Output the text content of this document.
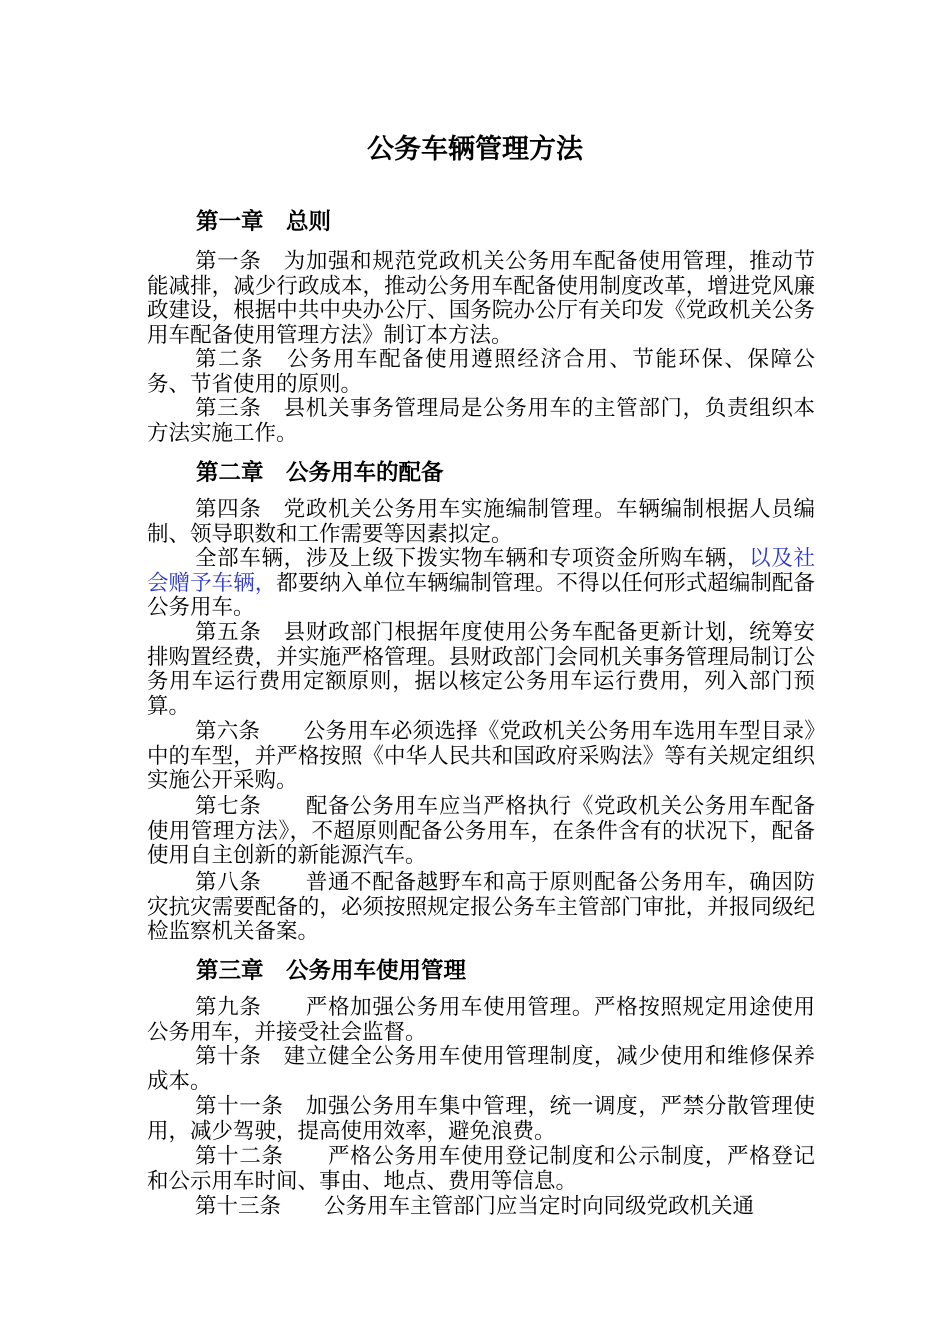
公务车辆管理方法
第一章　总则

第一条　为加强和规范党政机关公务用车配备使用管理，推动节能减排，减少行政成本，推动公务用车配备使用制度改革，增进党风廉政建设，根据中共中央办公厅、国务院办公厅有关印发《党政机关公务用车配备使用管理方法》制订本方法。

第二条　公务用车配备使用遵照经济合用、节能环保、保障公务、节省使用的原则。

第三条　县机关事务管理局是公务用车的主管部门，负责组织本方法实施工作。

第二章　公务用车的配备

第四条　党政机关公务用车实施编制管理。车辆编制根据人员编制、领导职数和工作需要等因素拟定。

全部车辆，涉及上级下拨实物车辆和专项资金所购车辆，以及社会赠予车辆，都要纳入单位车辆编制管理。不得以任何形式超编制配备公务用车。

第五条　县财政部门根据年度使用公务车配备更新计划，统筹安排购置经费，并实施严格管理。县财政部门会同机关事务管理局制订公务用车运行费用定额原则，据以核定公务用车运行费用，列入部门预算。

第六条　　公务用车必须选择《党政机关公务用车选用车型目录》中的车型，并严格按照《中华人民共和国政府采购法》等有关规定组织实施公开采购。

第七条　　配备公务用车应当严格执行《党政机关公务用车配备使用管理方法》，不超原则配备公务用车，在条件含有的状况下，配备使用自主创新的新能源汽车。

第八条　　普通不配备越野车和高于原则配备公务用车，确因防灾抗灾需要配备的，必须按照规定报公务车主管部门审批，并报同级纪检监察机关备案。

第三章　公务用车使用管理

第九条　　严格加强公务用车使用管理。严格按照规定用途使用公务用车，并接受社会监督。

第十条　建立健全公务用车使用管理制度，减少使用和维修保养成本。

第十一条　加强公务用车集中管理，统一调度，严禁分散管理使用，减少驾驶，提高使用效率，避免浪费。

第十二条　　严格公务用车使用登记制度和公示制度，严格登记和公示用车时间、事由、地点、费用等信息。

第十三条　　公务用车主管部门应当定时向同级党政机关通
